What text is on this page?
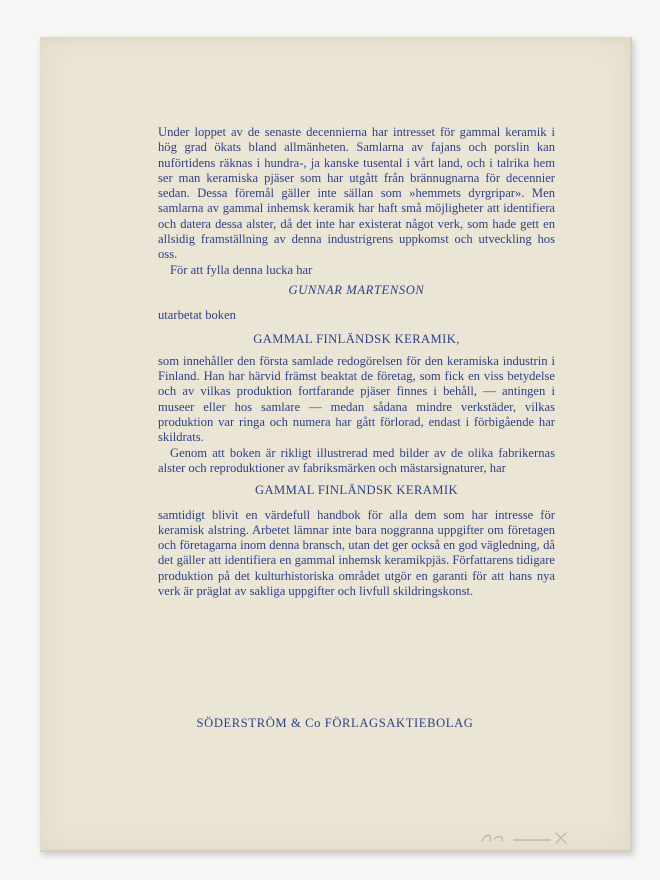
Under loppet av de senaste decennierna har intresset för gammal keramik i hög grad ökats bland allmänheten. Samlarna av fajans och porslin kan nuförtidens räknas i hundra-, ja kanske tusental i vårt land, och i talrika hem ser man keramiska pjäser som har utgått från brännugnarna för decennier sedan. Dessa föremål gäller inte sällan som »hemmets dyrgripar». Men samlarna av gammal inhemsk keramik har haft små möjligheter att identifiera och datera dessa alster, då det inte har existerat något verk, som hade gett en allsidig framställning av denna industrigrens uppkomst och utveckling hos oss.

För att fylla denna lucka har

GUNNAR MARTENSON

utarbetat boken

GAMMAL FINLÄNDSK KERAMIK,

som innehåller den första samlade redogörelsen för den keramiska industrin i Finland. Han har härvid främst beaktat de företag, som fick en viss betydelse och av vilkas produktion fortfarande pjäser finnes i behåll, — antingen i museer eller hos samlare — medan sådana mindre verkstäder, vilkas produktion var ringa och numera har gått förlorad, endast i förbigående har skildrats.

Genom att boken är rikligt illustrerad med bilder av de olika fabrikernas alster och reproduktioner av fabriksmärken och mästarsignaturer, har

GAMMAL FINLÄNDSK KERAMIK

samtidigt blivit en värdefull handbok för alla dem som har intresse för keramisk alstring. Arbetet lämnar inte bara noggranna uppgifter om företagen och företagarna inom denna bransch, utan det ger också en god vägledning, då det gäller att identifiera en gammal inhemsk keramikpjäs. Författarens tidigare produktion på det kulturhistoriska området utgör en garanti för att hans nya verk är präglat av sakliga uppgifter och livfull skildringskonst.

SÖDERSTRÖM & Co FÖRLAGSAKTIEBOLAG
